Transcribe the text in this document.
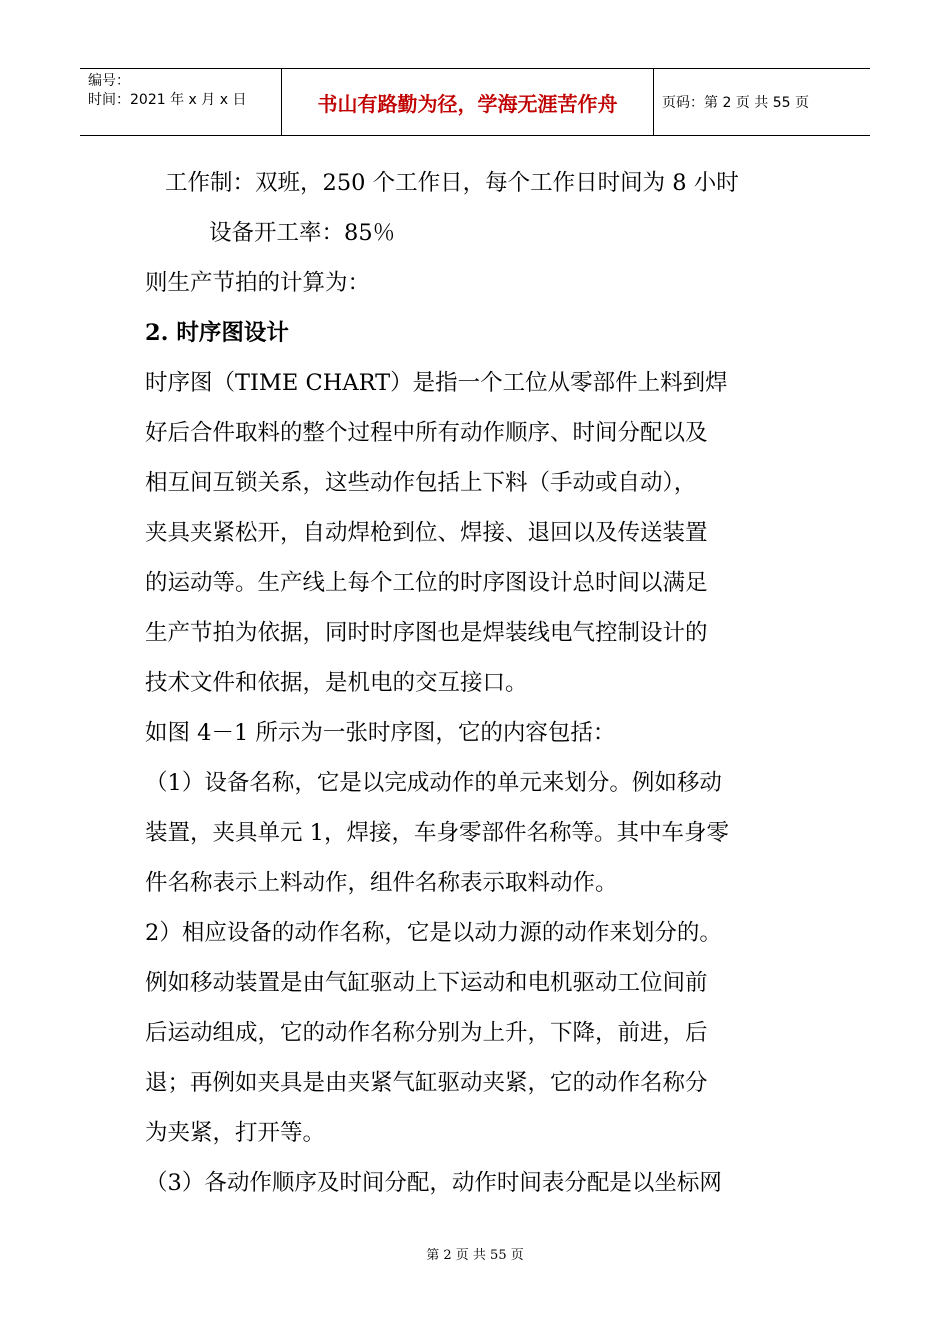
编号：
时间：2021 年 x 月 x 日	书山有路勤为径，学海无涯苦作舟	页码：第 2 页 共 55 页

工作制：双班，250 个工作日，每个工作日时间为 8 小时

设备开工率：85％

则生产节拍的计算为：

2. 时序图设计

时序图（TIME CHART）是指一个工位从零部件上料到焊

好后合件取料的整个过程中所有动作顺序、时间分配以及

相互间互锁关系，这些动作包括上下料（手动或自动），

夹具夹紧松开，自动焊枪到位、焊接、退回以及传送装置

的运动等。生产线上每个工位的时序图设计总时间以满足

生产节拍为依据，同时时序图也是焊装线电气控制设计的

技术文件和依据，是机电的交互接口。

如图 4－1 所示为一张时序图，它的内容包括：

（1）设备名称，它是以完成动作的单元来划分。例如移动

装置，夹具单元 1，焊接，车身零部件名称等。其中车身零

件名称表示上料动作，组件名称表示取料动作。

2）相应设备的动作名称，它是以动力源的动作来划分的。

例如移动装置是由气缸驱动上下运动和电机驱动工位间前

后运动组成，它的动作名称分别为上升，下降，前进，后

退；再例如夹具是由夹紧气缸驱动夹紧，它的动作名称分

为夹紧，打开等。

（3）各动作顺序及时间分配，动作时间表分配是以坐标网

第 2 页 共 55 页
